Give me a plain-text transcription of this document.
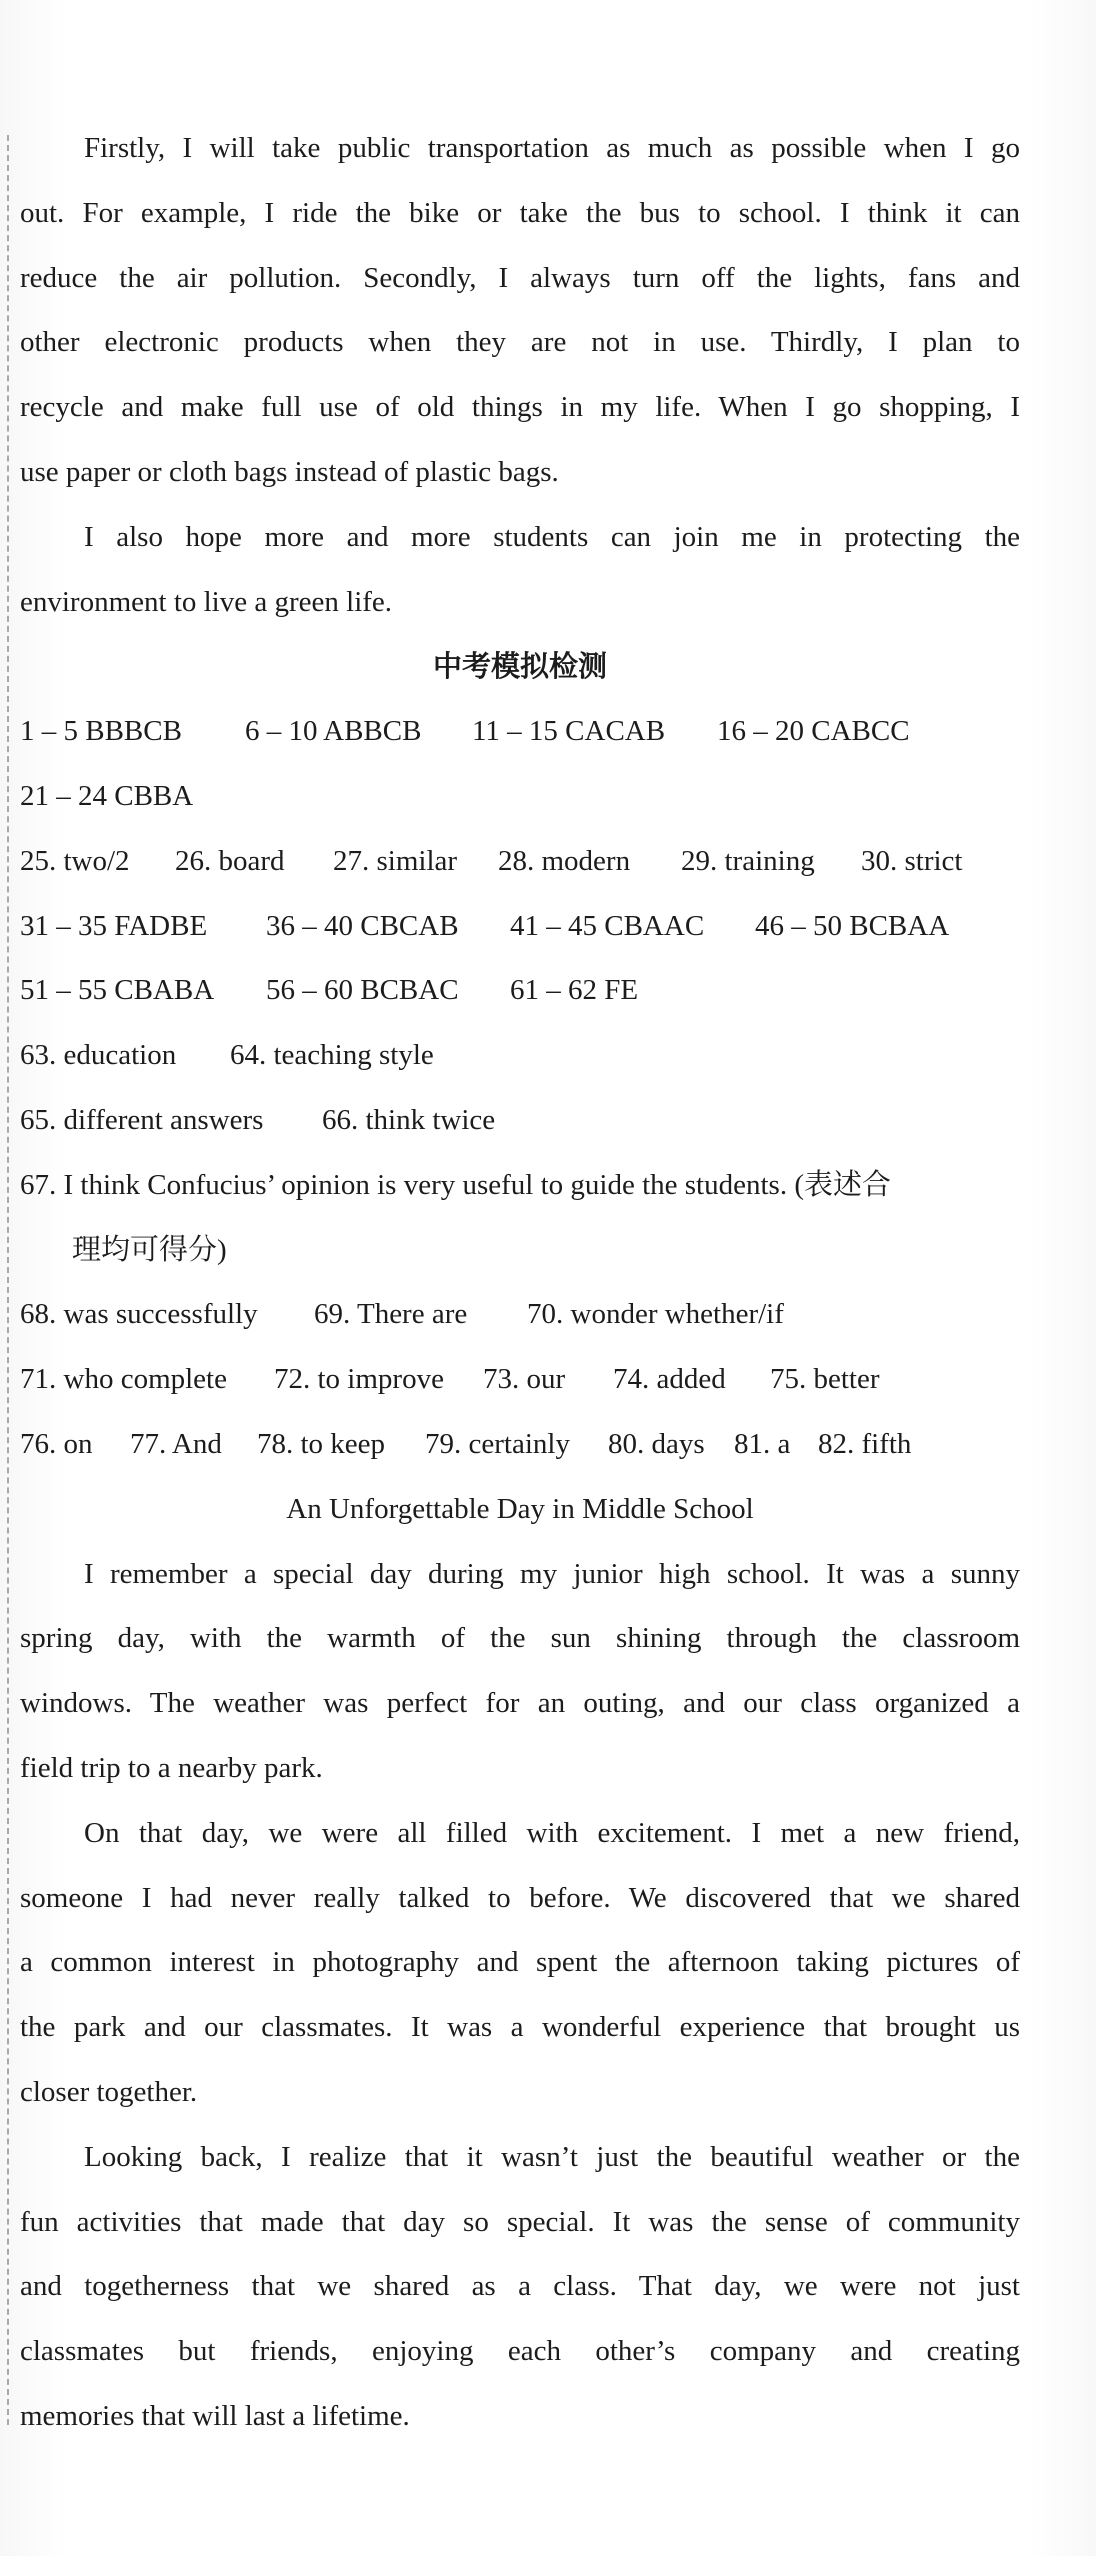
Firstly, I will take public transportation as much as possible when I go
out. For example, I ride the bike or take the bus to school. I think it can
reduce the air pollution. Secondly, I always turn off the lights, fans and
other electronic products when they are not in use. Thirdly, I plan to
recycle and make full use of old things in my life. When I go shopping, I
use paper or cloth bags instead of plastic bags.
I also hope more and more students can join me in protecting the
environment to live a green life.
中考模拟检测
1 – 5 BBBCB 6 – 10 ABBCB 11 – 15 CACAB 16 – 20 CABCC
21 – 24 CBBA
25. two/2 26. board 27. similar 28. modern 29. training 30. strict
31 – 35 FADBE 36 – 40 CBCAB 41 – 45 CBAAC 46 – 50 BCBAA
51 – 55 CBABA 56 – 60 BCBAC 61 – 62 FE
63. education 64. teaching style
65. different answers 66. think twice
67. I think Confucius’ opinion is very useful to guide the students. (表述合
理均可得分)
68. was successfully 69. There are 70. wonder whether/if
71. who complete 72. to improve 73. our 74. added 75. better
76. on 77. And 78. to keep 79. certainly 80. days 81. a 82. fifth
An Unforgettable Day in Middle School
I remember a special day during my junior high school. It was a sunny
spring day, with the warmth of the sun shining through the classroom
windows. The weather was perfect for an outing, and our class organized a
field trip to a nearby park.
On that day, we were all filled with excitement. I met a new friend,
someone I had never really talked to before. We discovered that we shared
a common interest in photography and spent the afternoon taking pictures of
the park and our classmates. It was a wonderful experience that brought us
closer together.
Looking back, I realize that it wasn’t just the beautiful weather or the
fun activities that made that day so special. It was the sense of community
and togetherness that we shared as a class. That day, we were not just
classmates but friends, enjoying each other’s company and creating
memories that will last a lifetime.
